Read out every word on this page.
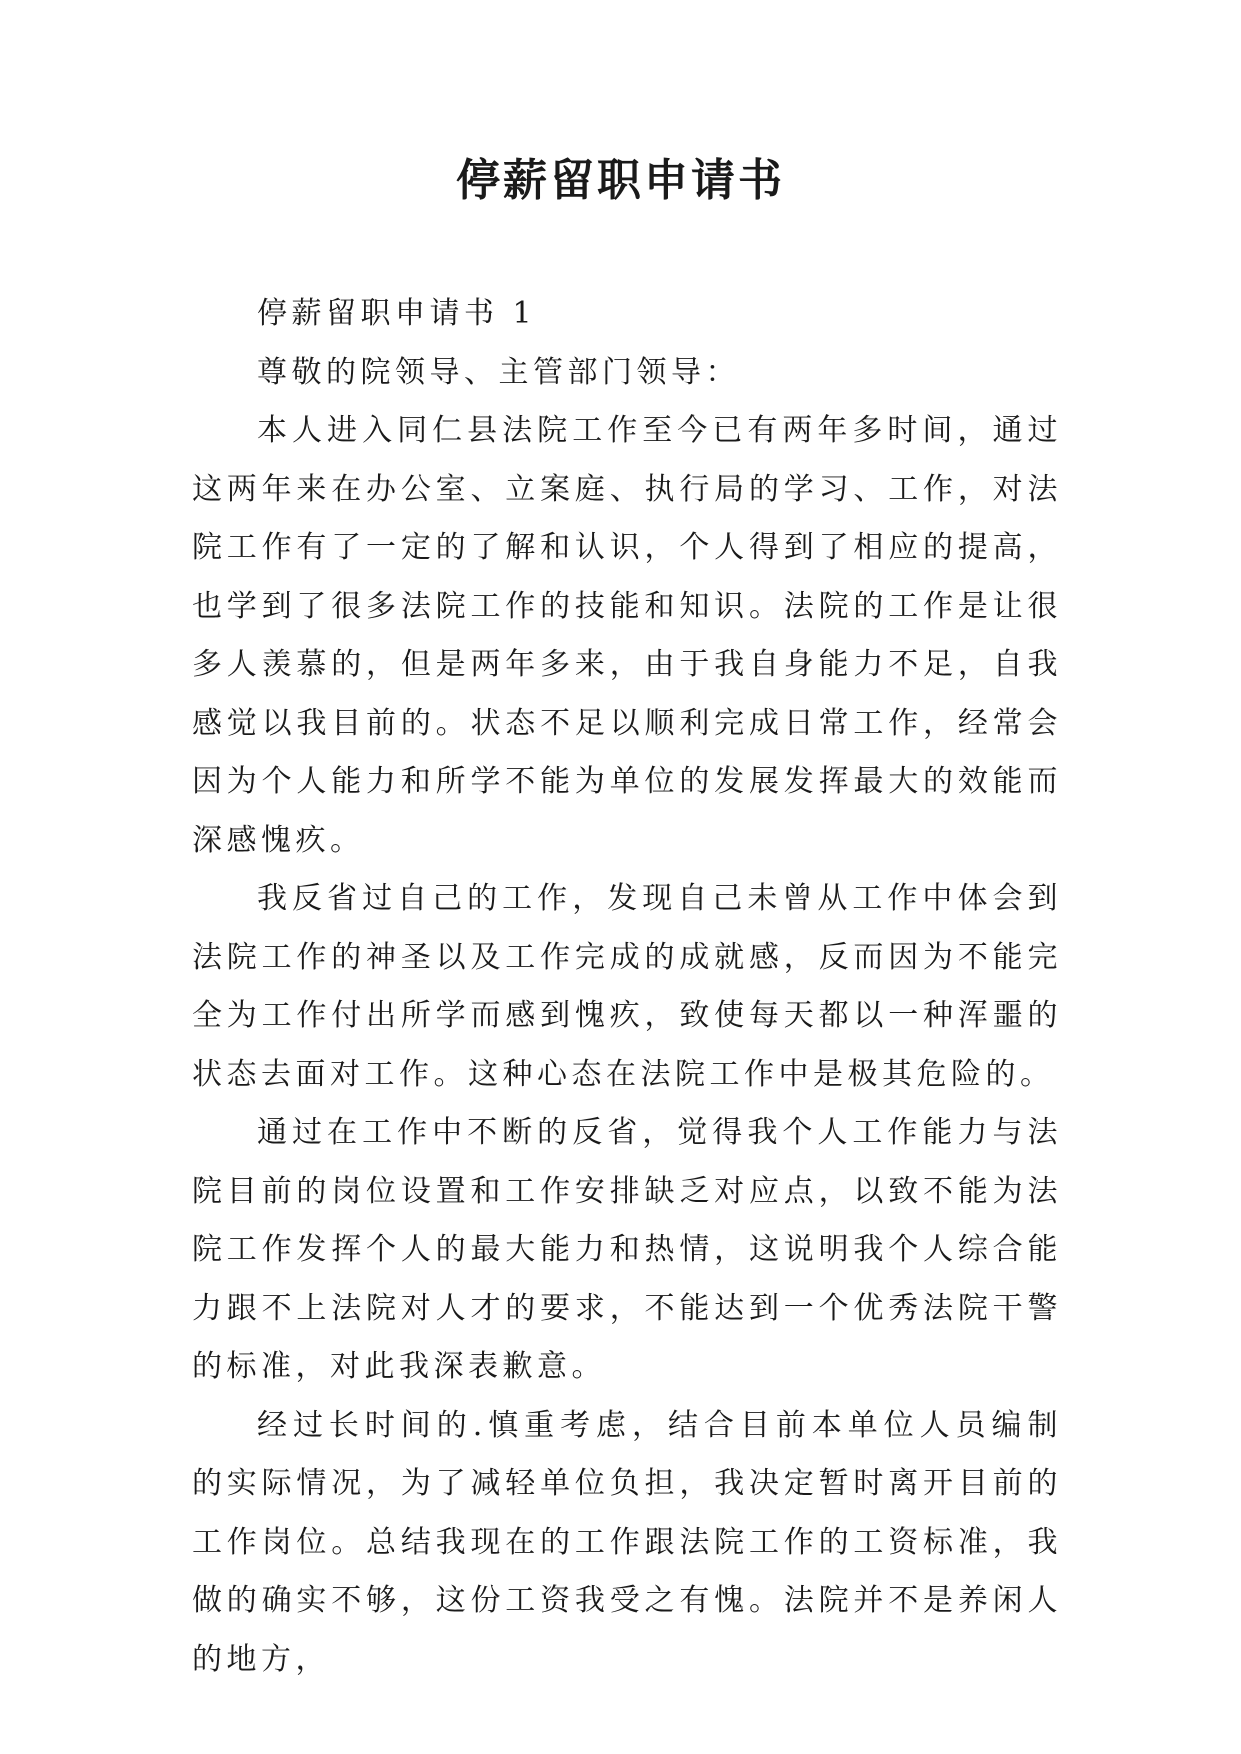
停薪留职申请书

停薪留职申请书 1

尊敬的院领导、主管部门领导：

本人进入同仁县法院工作至今已有两年多时间，通过这两年来在办公室、立案庭、执行局的学习、工作，对法院工作有了一定的了解和认识，个人得到了相应的提高，也学到了很多法院工作的技能和知识。法院的工作是让很多人羡慕的，但是两年多来，由于我自身能力不足，自我感觉以我目前的。状态不足以顺利完成日常工作，经常会因为个人能力和所学不能为单位的发展发挥最大的效能而深感愧疚。

我反省过自己的工作，发现自己未曾从工作中体会到法院工作的神圣以及工作完成的成就感，反而因为不能完全为工作付出所学而感到愧疚，致使每天都以一种浑噩的状态去面对工作。这种心态在法院工作中是极其危险的。

通过在工作中不断的反省，觉得我个人工作能力与法院目前的岗位设置和工作安排缺乏对应点，以致不能为法院工作发挥个人的最大能力和热情，这说明我个人综合能力跟不上法院对人才的要求，不能达到一个优秀法院干警的标准，对此我深表歉意。

经过长时间的.慎重考虑，结合目前本单位人员编制的实际情况，为了减轻单位负担，我决定暂时离开目前的工作岗位。总结我现在的工作跟法院工作的工资标准，我做的确实不够，这份工资我受之有愧。法院并不是养闲人的地方，
